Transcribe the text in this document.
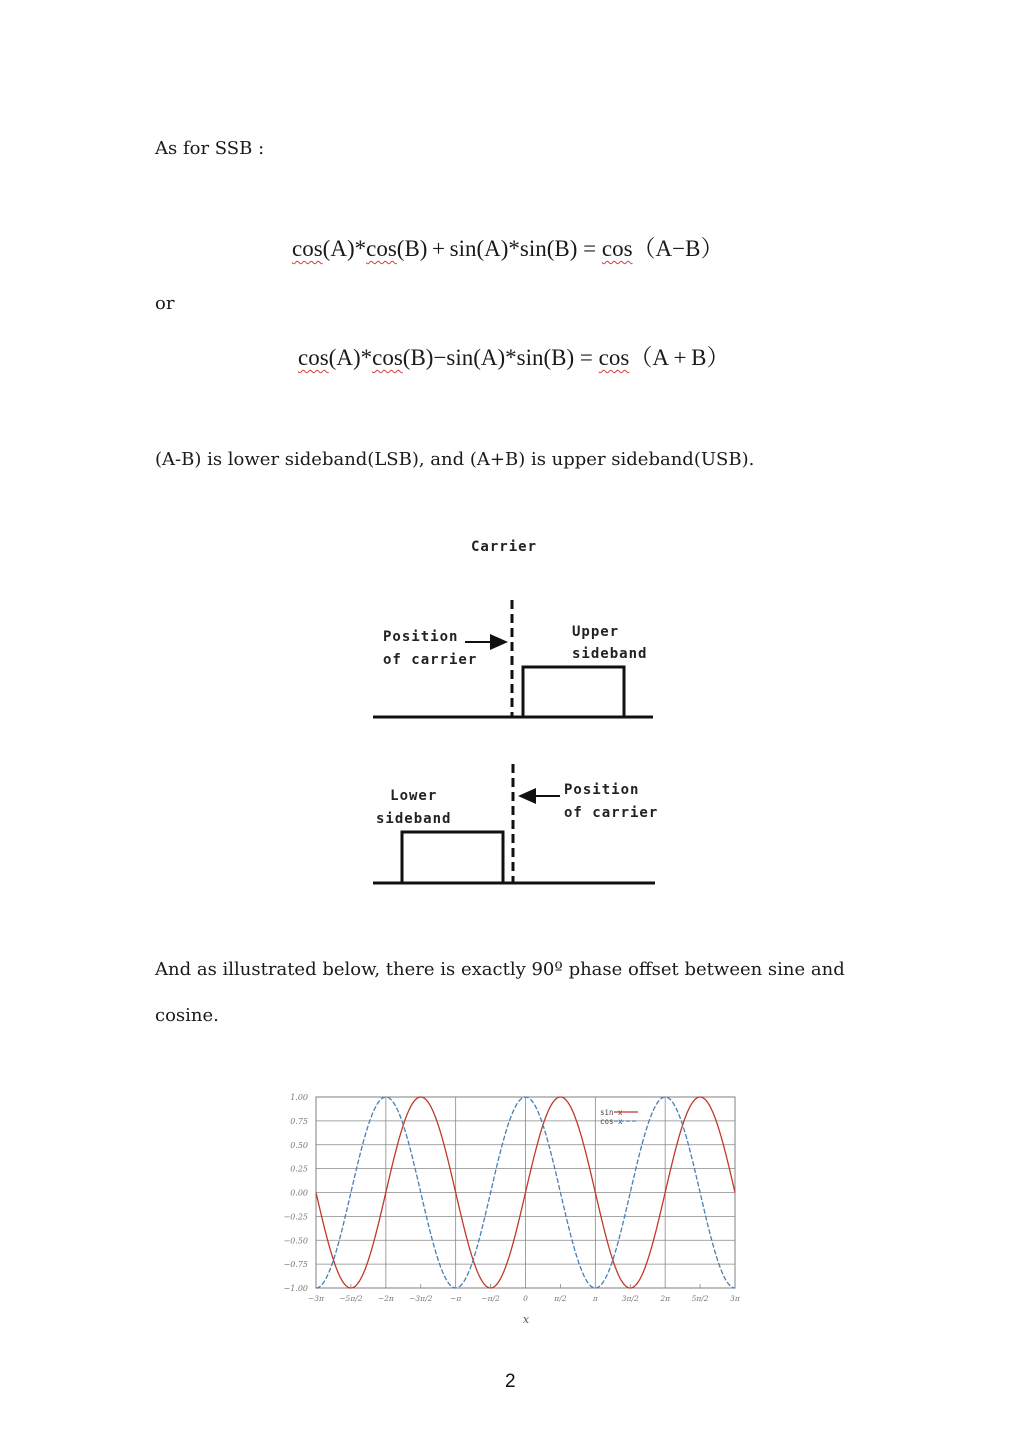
As for SSB :
cos(A)*cos(B) + sin(A)*sin(B) = cos（A−B）
or
cos(A)*cos(B)−sin(A)*sin(B) = cos（A + B）
(A-B) is lower sideband(LSB), and (A+B) is upper sideband(USB).
Carrier
Position
of carrier
Upper
sideband
Lower
sideband
Position
of carrier
And as illustrated below, there is exactly 90º phase offset between sine and
cosine.
1.00
0.75
0.50
0.25
0.00
−0.25
−0.50
−0.75
−1.00
−3π −5π/2 −2π −3π/2 −π	−π/2	0	π/2	π	3π/2	2π	5π/2	3π
sin x
cos x
x
2
